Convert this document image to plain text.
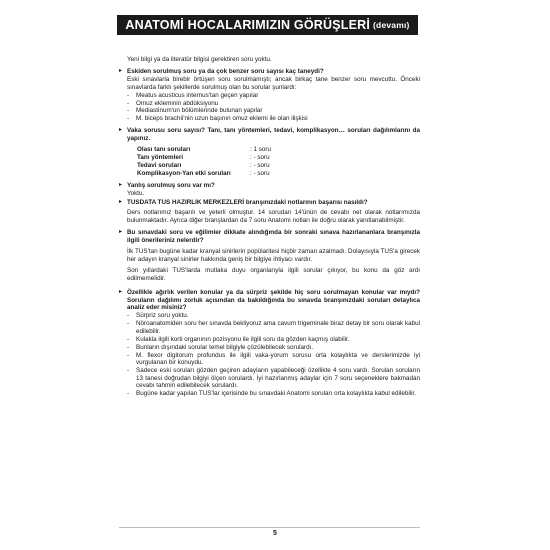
ANATOMİ HOCALARIMIZIN GÖRÜŞLERİ (devamı)

Yeni bilgi ya da literatür bilgisi gerektiren soru yoktu.

▸ Eskiden sorulmuş soru ya da çok benzer soru sayısı kaç taneydi?

Eski sınavlarla birebir örtüşen soru sorulmamıştı; ancak birkaç tane benzer soru mevcuttu. Önceki sınavlarda farklı şekillerde sorulmuş olan bu sorular şunlardı:

- Meatus acusticus internus'tan geçen yapılar
- Omuz ekleminin abdüksiyonu
- Mediastinum'un bölümlerinde bulunan yapılar
- M. biceps brachii'nin uzun başının omuz eklemi ile olan ilişkisi
▸ Vaka sorusu soru sayısı? Tanı, tanı yöntemleri, tedavi, komplikasyon… soruları dağılımlarını da yapınız.
Olası tanı soruları	: 1 soru
Tanı yöntemleri	: - soru
Tedavi soruları	: - soru
Komplikasyon-Yan etki soruları	: - soru
▸ Yanlış sorulmuş soru var mı?

Yoktu.

▸ TUSDATA TUS HAZIRLIK MERKEZLERİ branşınızdaki notlarının başarısı nasıldı?

Ders notlarımız başarılı ve yeterli olmuştur. 14 sorudan 14'ünün de cevabı net olarak notlarımızda bulunmaktadır. Ayrıca diğer branşlardan da 7 soru Anatomi notları ile doğru olarak yanıtlanabilmiştir.

▸ Bu sınavdaki soru ve eğilimler dikkate alındığında bir sonraki sınava hazırlananlara branşınızla ilgili önerileriniz nelerdir?

İlk TUS'tan bugüne kadar kranyal sinirlerin popülaritesi hiçbir zaman azalmadı. Dolayısıyla TUS'a girecek her adayın kranyal sinirler hakkında geniş bir bilgiye ihtiyacı vardır.

Son yıllardaki TUS'larda mutlaka duyu organlarıyla ilgili sorular çıkıyor, bu konu da göz ardı edilmemelidir.

▸ Özellikle ağırlık verilen konular ya da sürpriz şekilde hiç soru sorulmayan konular var mıydı? Soruların dağılımı zorluk açısından da bakıldığında bu sınavda branşınızdaki soruları detaylıca analiz eder misiniz?
- Sürpriz soru yoktu.
- Nöroanatomiden soru her sınavda bekliyoruz ama cavum trigeminale biraz detay bir soru olarak kabul edilebilir.
- Kulakla ilgili korti organının pozisyonu ile ilgili soru da gözden kaçmış olabilir.
- Bunların dışındaki sorular temel bilgiyle çözülebilecek sorulardı.
- M. flexor digitorum profundus ile ilgili vaka-yorum sorusu orta kolaylıkta ve derslerimizde iyi vurgulanan bir konuydu.
- Sadece eski soruları gözden geçiren adayların yapabileceği özellikte 4 soru vardı. Sorulan soruların 13 tanesi doğrudan bilgiyi ölçen sorulardı. İyi hazırlanmış adaylar için 7 soru seçeneklere bakmadan cevabı tahmin edilebilecek sorulardı.
- Bugüne kadar yapılan TUS'lar içerisinde bu sınavdaki Anatomi soruları orta kolaylıkta kabul edilebilir.
5
